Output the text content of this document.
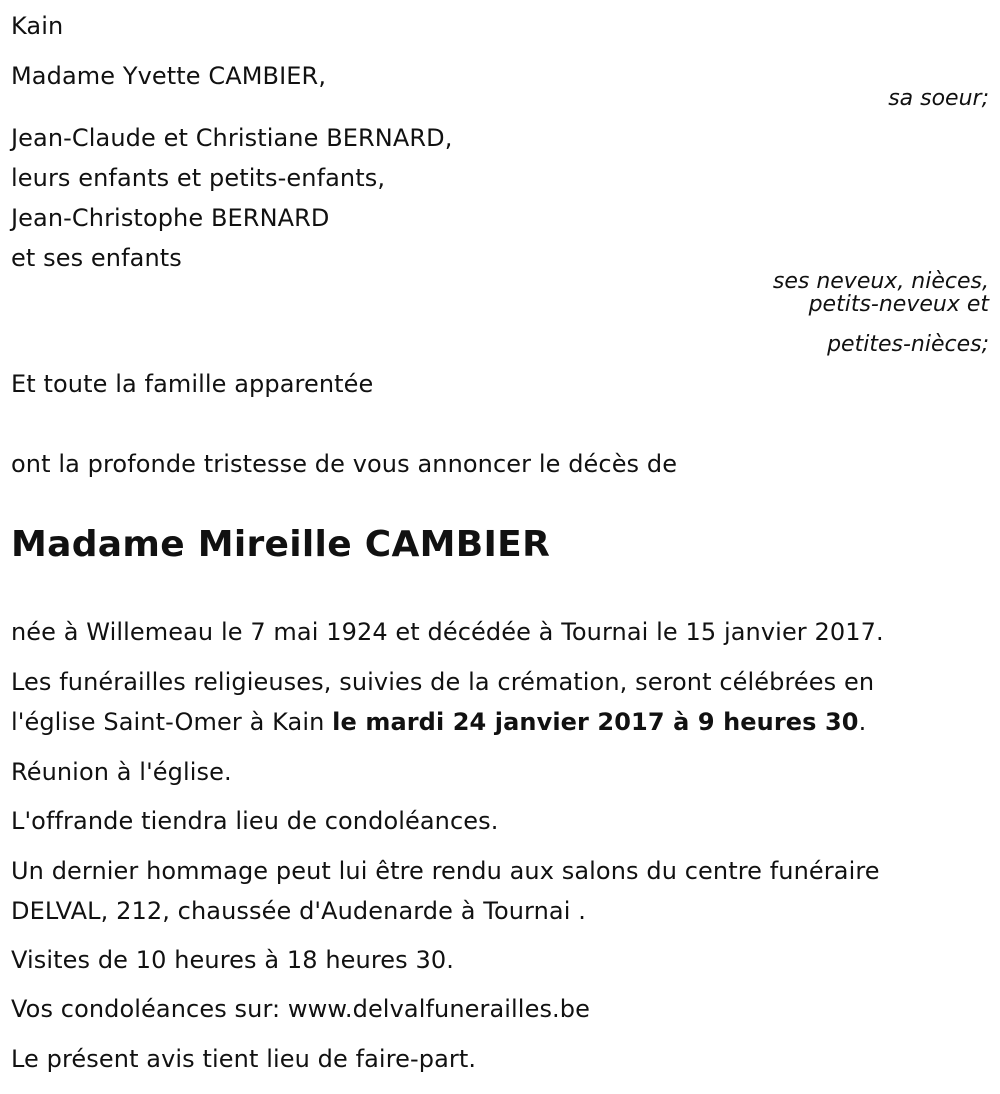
Kain
Madame Yvette CAMBIER,
sa soeur;
Jean-Claude et Christiane BERNARD,
leurs enfants et petits-enfants,
Jean-Christophe BERNARD
et ses enfants
ses neveux, nièces,
petits-neveux et
petites-nièces;
Et toute la famille apparentée
ont la profonde tristesse de vous annoncer le décès de
Madame Mireille CAMBIER
née à Willemeau le 7 mai 1924 et décédée à Tournai le 15 janvier 2017.
Les funérailles religieuses, suivies de la crémation, seront célébrées en
l'église Saint-Omer à Kain le mardi 24 janvier 2017 à 9 heures 30.
Réunion à l'église.
L'offrande tiendra lieu de condoléances.
Un dernier hommage peut lui être rendu aux salons du centre funéraire
DELVAL, 212, chaussée d'Audenarde à Tournai .
Visites de 10 heures à 18 heures 30.
Vos condoléances sur: www.delvalfunerailles.be
Le présent avis tient lieu de faire-part.
